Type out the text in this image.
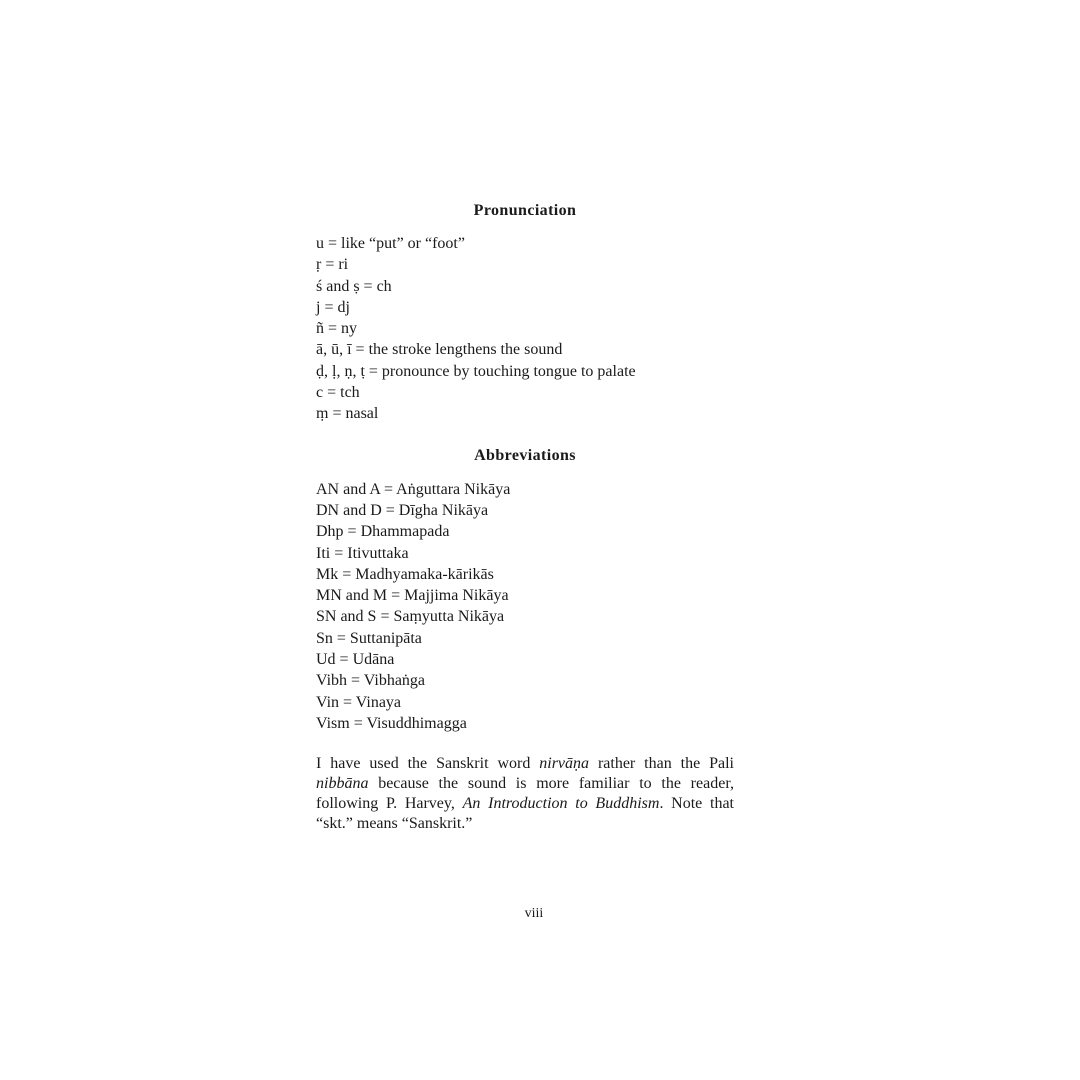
Pronunciation
u = like “put” or “foot”
ṛ = ri
ś and ṣ = ch
j = dj
ñ = ny
ā, ū, ī = the stroke lengthens the sound
ḍ, ḷ, ṇ, ṭ = pronounce by touching tongue to palate
c = tch
ṃ = nasal
Abbreviations
AN and A = Aṅguttara Nikāya
DN and D = Dīgha Nikāya
Dhp = Dhammapada
Iti = Itivuttaka
Mk = Madhyamaka-kārikās
MN and M = Majjima Nikāya
SN and S = Saṃyutta Nikāya
Sn = Suttanipāta
Ud = Udāna
Vibh = Vibhaṅga
Vin = Vinaya
Vism = Visuddhimagga

I have used the Sanskrit word nirvāṇa rather than the Pali nibbāna because the sound is more familiar to the reader, following P. Harvey, An Introduction to Buddhism. Note that “skt.” means “Sanskrit.”

viii
